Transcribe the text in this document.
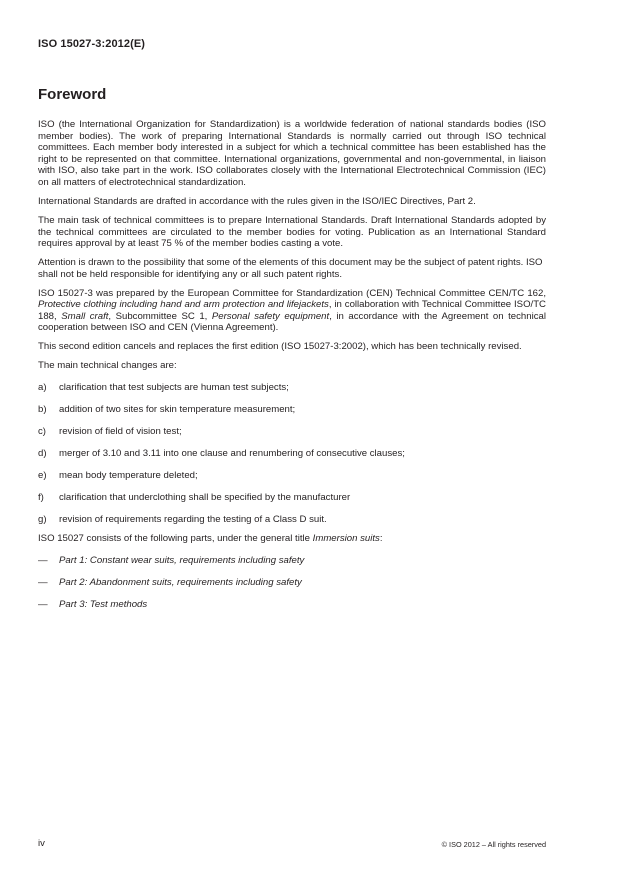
ISO 15027-3:2012(E)
Foreword

ISO (the International Organization for Standardization) is a worldwide federation of national standards bodies (ISO member bodies). The work of preparing International Standards is normally carried out through ISO technical committees. Each member body interested in a subject for which a technical committee has been established has the right to be represented on that committee. International organizations, governmental and non-governmental, in liaison with ISO, also take part in the work. ISO collaborates closely with the International Electrotechnical Commission (IEC) on all matters of electrotechnical standardization.

International Standards are drafted in accordance with the rules given in the ISO/IEC Directives, Part 2.

The main task of technical committees is to prepare International Standards. Draft International Standards adopted by the technical committees are circulated to the member bodies for voting. Publication as an International Standard requires approval by at least 75 % of the member bodies casting a vote.

Attention is drawn to the possibility that some of the elements of this document may be the subject of patent rights. ISO shall not be held responsible for identifying any or all such patent rights.

ISO 15027-3 was prepared by the European Committee for Standardization (CEN) Technical Committee CEN/TC 162, Protective clothing including hand and arm protection and lifejackets, in collaboration with Technical Committee ISO/TC 188, Small craft, Subcommittee SC 1, Personal safety equipment, in accordance with the Agreement on technical cooperation between ISO and CEN (Vienna Agreement).

This second edition cancels and replaces the first edition (ISO 15027-3:2002), which has been technically revised.

The main technical changes are:

a)	clarification that test subjects are human test subjects;
b)	addition of two sites for skin temperature measurement;
c)	revision of field of vision test;
d)	merger of 3.10 and 3.11 into one clause and renumbering of consecutive clauses;
e)	mean body temperature deleted;
f)	clarification that underclothing shall be specified by the manufacturer
g)	revision of requirements regarding the testing of a Class D suit.

ISO 15027 consists of the following parts, under the general title Immersion suits:

—	Part 1: Constant wear suits, requirements including safety
—	Part 2: Abandonment suits, requirements including safety
—	Part 3: Test methods
iv	© ISO 2012 – All rights reserved
